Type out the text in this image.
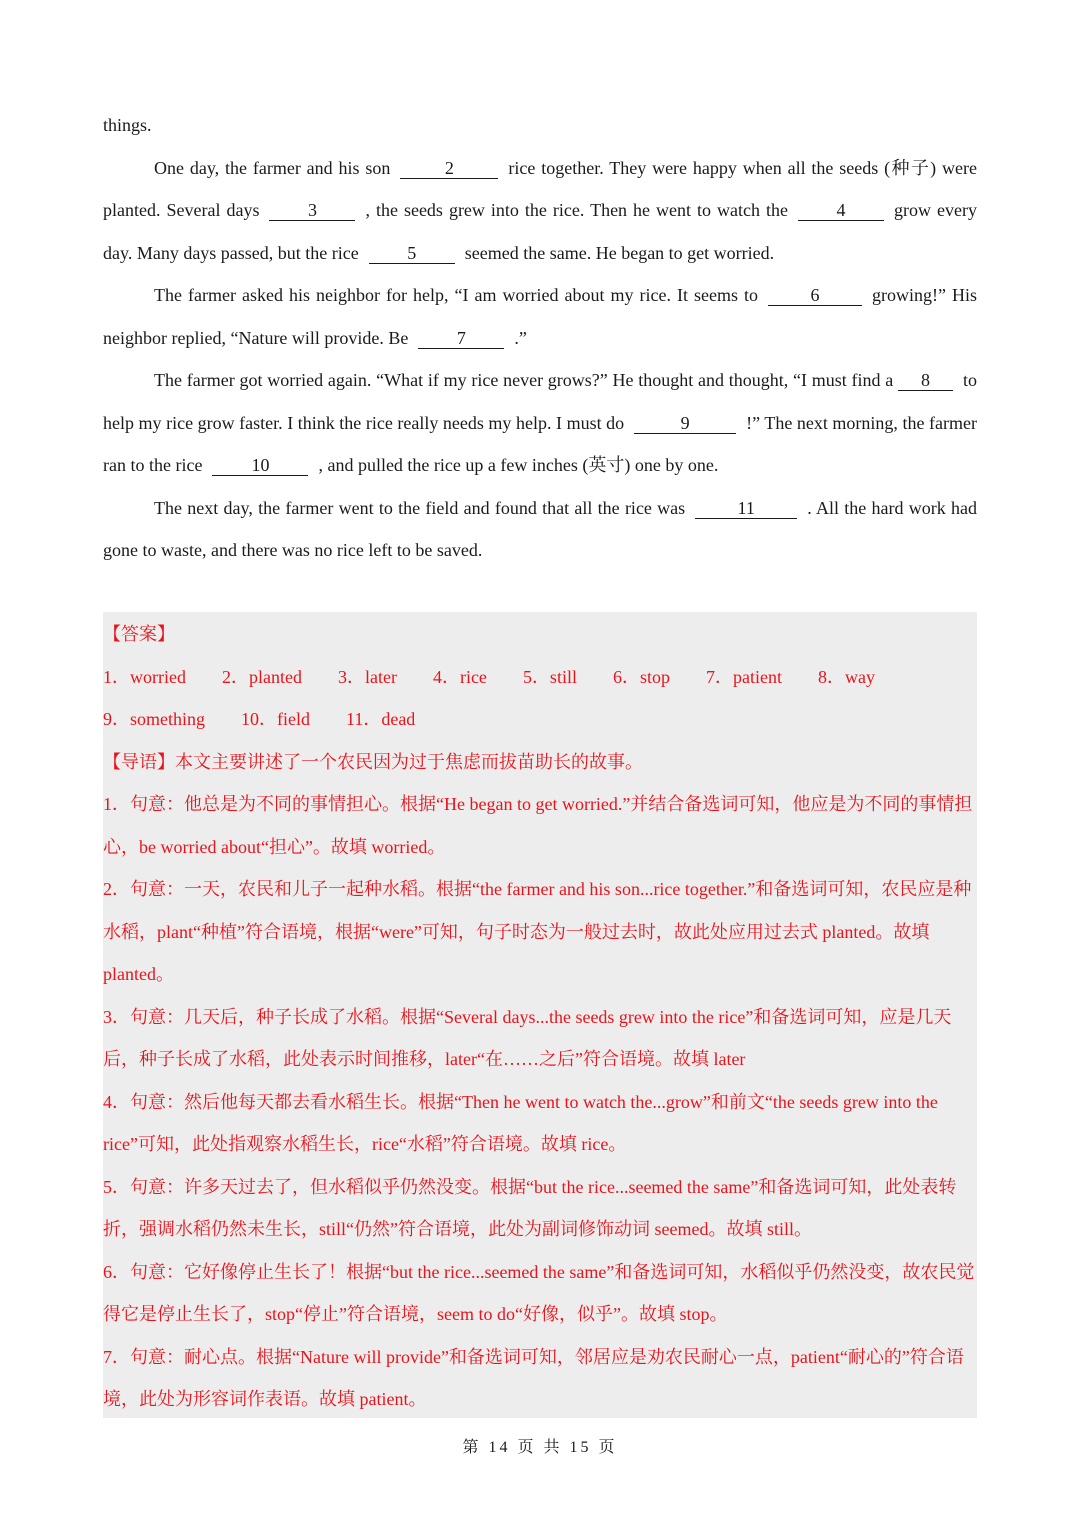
things.

One day, the farmer and his son	2	rice together. They were happy when all the seeds (种子) were planted. Several days	3	, the seeds grew into the rice. Then he went to watch the	4	grow every day. Many days passed, but the rice	5	seemed the same. He began to get worried.

The farmer asked his neighbor for help, “I am worried about my rice. It seems to	6	growing!” His neighbor replied, “Nature will provide. Be	7	.”

The farmer got worried again. “What if my rice never grows?” He thought and thought, “I must find a 8 to help my rice grow faster. I think the rice really needs my help. I must do	9	!” The next morning, the farmer ran to the rice	10	, and pulled the rice up a few inches (英寸) one by one.

The next day, the farmer went to the field and found that all the rice was	11	. All the hard work had gone to waste, and there was no rice left to be saved.

【答案】

1．worried 2．planted 3．later 4．rice 5．still 6．stop 7．patient 8．way
9．something 10．field 11．dead

【导语】本文主要讲述了一个农民因为过于焦虑而拔苗助长的故事。

1．句意：他总是为不同的事情担心。根据“He began to get worried.”并结合备选词可知，他应是为不同的事情担心，be worried about“担心”。故填 worried。

2．句意：一天，农民和儿子一起种水稻。根据“the farmer and his son...rice together.”和备选词可知，农民应是种水稻，plant“种植”符合语境，根据“were”可知，句子时态为一般过去时，故此处应用过去式 planted。故填 planted。

3．句意：几天后，种子长成了水稻。根据“Several days...the seeds grew into the rice”和备选词可知，应是几天后，种子长成了水稻，此处表示时间推移，later“在……之后”符合语境。故填 later

4．句意：然后他每天都去看水稻生长。根据“Then he went to watch the...grow”和前文“the seeds grew into the rice”可知，此处指观察水稻生长，rice“水稻”符合语境。故填 rice。

5．句意：许多天过去了，但水稻似乎仍然没变。根据“but the rice...seemed the same”和备选词可知，此处表转折，强调水稻仍然未生长，still“仍然”符合语境，此处为副词修饰动词 seemed。故填 still。

6．句意：它好像停止生长了！根据“but the rice...seemed the same”和备选词可知，水稻似乎仍然没变，故农民觉得它是停止生长了，stop“停止”符合语境，seem to do“好像，似乎”。故填 stop。

7．句意：耐心点。根据“Nature will provide”和备选词可知，邻居应是劝农民耐心一点，patient“耐心的”符合语境，此处为形容词作表语。故填 patient。

第 14 页 共 15 页
